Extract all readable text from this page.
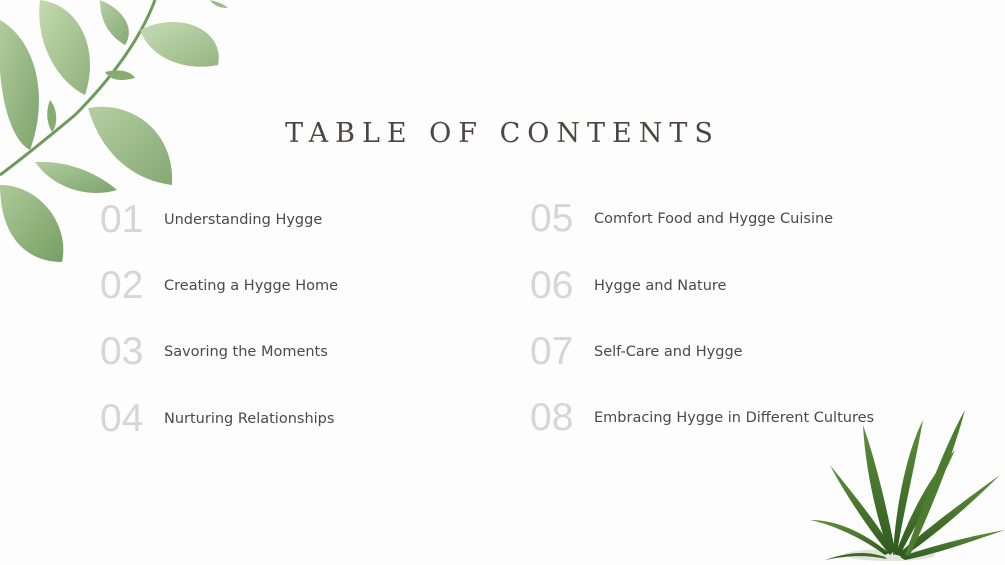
TABLE OF CONTENTS
01 Understanding Hygge
02 Creating a Hygge Home
03 Savoring the Moments
04 Nurturing Relationships
05 Comfort Food and Hygge Cuisine
06 Hygge and Nature
07 Self-Care and Hygge
08 Embracing Hygge in Different Cultures
